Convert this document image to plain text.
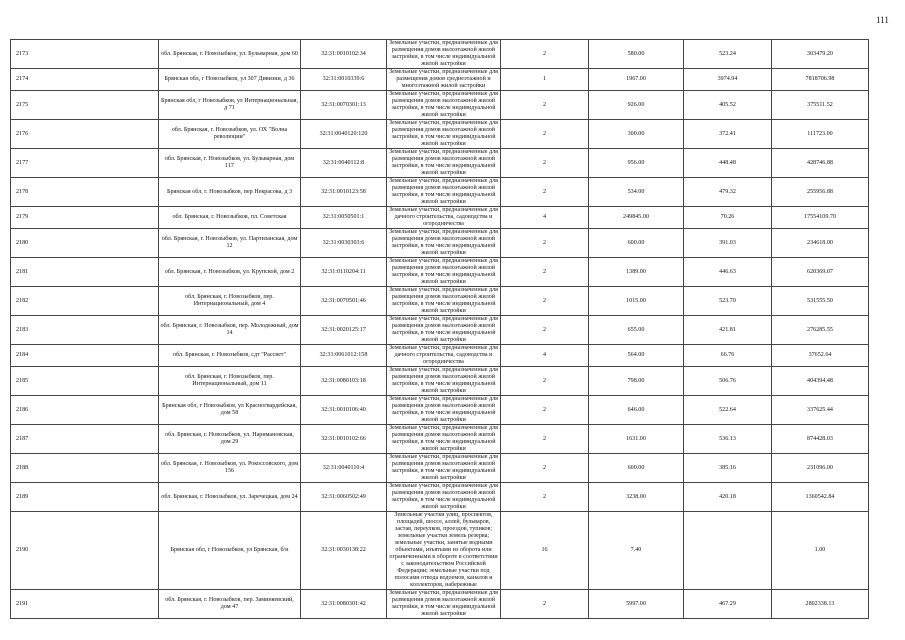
111
2173	обл. Брянская, г. Новозыбков, ул. Бульварная, дом 60	32:31:0010102:34	Земельные участки, предназначенные для размещения домов малоэтажной жилой застройки, в том числе индивидуальной жилой застройки	2	580.00	523.24	303479.20
2174	Брянская обл, г Новозыбков, ул 307 Дивизии, д 36	32:31:0010339:6	Земельные участки, предназначенные для размещения домов среднеэтажной и многоэтажной жилой застройки	1	1967.00	3974.94	7818706.98
2175	Брянская обл, г Новозыбков, ул Интернациональная, д 71	32:31:0070301:13	Земельные участки, предназначенные для размещения домов малоэтажной жилой застройки, в том числе индивидуальной жилой застройки	2	926.00	405.52	375511.52
2176	обл. Брянская, г. Новозыбков, ул. ОХ "Волна революции"	32:31:0040120:120	Земельные участки, предназначенные для размещения домов малоэтажной жилой застройки, в том числе индивидуальной жилой застройки	2	300.00	372.41	111723.00
2177	обл. Брянская, г. Новозыбков, ул. Бульварная, дом 117	32:31:0040112:8	Земельные участки, предназначенные для размещения домов малоэтажной жилой застройки, в том числе индивидуальной жилой застройки	2	956.00	448.48	428746.88
2178	Брянская обл, г. Новозыбков, пер Некрасова, д 3	32:31:0010123:58	Земельные участки, предназначенные для размещения домов малоэтажной жилой застройки, в том числе индивидуальной жилой застройки	2	534.00	479.32	255956.88
2179	обл. Брянская, г. Новозыбков, пл. Советская	32:31:0050501:1	Земельные участки, предназначенные для дачного строительства, садоводства и огородничества	4	249845.00	70.26	17554109.70
2180	обл. Брянская, г. Новозыбков, ул. Партизанская, дом 12	32:31:0030303:6	Земельные участки, предназначенные для размещения домов малоэтажной жилой застройки, в том числе индивидуальной жилой застройки	2	600.00	391.03	234618.00
2181	обл. Брянская, г. Новозыбков, ул. Крупской, дом 2	32:31:0110204:11	Земельные участки, предназначенные для размещения домов малоэтажной жилой застройки, в том числе индивидуальной жилой застройки	2	1389.00	446.63	620369.07
2182	обл. Брянская, г. Новозыбков, пер. Интернациональный, дом 4	32:31:0070501:46	Земельные участки, предназначенные для размещения домов малоэтажной жилой застройки, в том числе индивидуальной жилой застройки	2	1015.00	523.70	531555.50
2183	обл. Брянская, г. Новозыбков, пер. Молодежный, дом 14	32:31:0020125:17	Земельные участки, предназначенные для размещения домов малоэтажной жилой застройки, в том числе индивидуальной жилой застройки	2	655.00	421.81	276285.55
2184	обл. Брянская, г. Новозыбков, сдт "Рассвет"	32:31:0061012:158	Земельные участки, предназначенные для дачного строительства, садоводства и огородничества	4	564.00	66.76	37652.64
2185	обл. Брянская, г. Новозыбков, пер. Интернациональный, дом 11	32:31:0080103:18	Земельные участки, предназначенные для размещения домов малоэтажной жилой застройки, в том числе индивидуальной жилой застройки	2	798.00	506.76	404394.48
2186	Брянская обл, г Новозыбков, ул Красногвардейская, дом 58	32:31:0010106:40	Земельные участки, предназначенные для размещения домов малоэтажной жилой застройки, в том числе индивидуальной жилой застройки	2	646.00	522.64	337625.44
2187	обл. Брянская, г. Новозыбков, ул. Наримановская, дом 29	32:31:0010102:66	Земельные участки, предназначенные для размещения домов малоэтажной жилой застройки, в том числе индивидуальной жилой застройки	2	1631.00	536.13	874428.03
2188	обл. Брянская, г. Новозыбков, ул. Рокоссовского, дом 156	32:31:0040110:4	Земельные участки, предназначенные для размещения домов малоэтажной жилой застройки, в том числе индивидуальной жилой застройки	2	600.00	385.16	231096.00
2189	обл. Брянская, г. Новозыбков, ул. Заречецкая, дом 24	32:31:0060502:49	Земельные участки, предназначенные для размещения домов малоэтажной жилой застройки, в том числе индивидуальной жилой застройки	2	3238.00	420.18	1360542.84
2190	Брянская обл, г Новозыбков, ул Брянская, б/н	32:31:0030138:22	Земельные участки улиц, проспектов, площадей, шоссе, аллей, бульваров, застав, переулков, проездов, тупиков; земельные участки земель резерва; земельные участки, занятые водными объектами, изъятыми из оборота или ограниченными в обороте в соответствии с законодательством Российской Федерации; земельные участки под полосами отвода водоемов, каналов и коллекторов, набережные	16	7.40		1.00
2191	обл. Брянская, г. Новозыбков, пер. Заминяевский, дом 47	32:31:0080301:42	Земельные участки, предназначенные для размещения домов малоэтажной жилой застройки, в том числе индивидуальной жилой застройки	2	5997.00	467.29	2802338.13
